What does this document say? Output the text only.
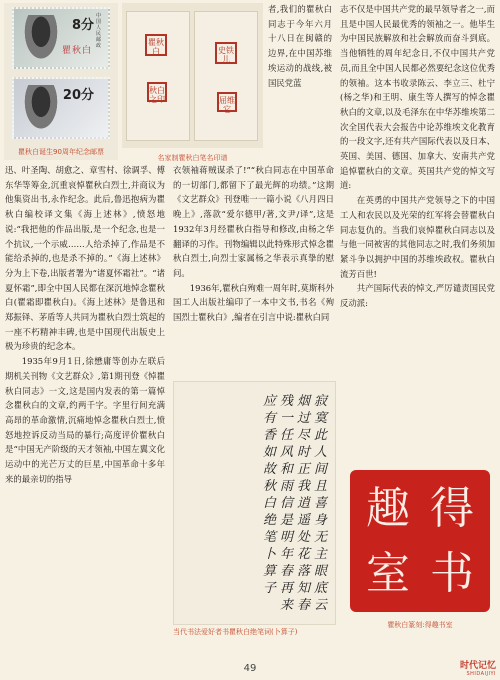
8分
中国人民邮政
瞿秋白
20分
瞿秋白诞生90周年纪念邮票
瞿秋白
秋白之印
史铁儿
屈维它
名家制瞿秋白笔名印谱

者,我们的瞿秋白同志于今年六月十八日在闽赣的边界,在中国苏维埃运动的战线,被国民党蓝

迅、叶圣陶、胡愈之、章雪村、徐调孚、傅东华等筹金,沉重哀悼瞿秋白烈士,并商议为他集资出书,永作纪念。此后,鲁迅抱病为瞿秋白编校译文集《海上述林》,愤怒地说:“我把他的作品出版,是一个纪念,也是一个抗议,一个示威……人给杀掉了,作品是不能给杀掉的,也是杀不掉的。”《海上述林》分为上下卷,出版者署为“诸夏怀霜社”。“诸夏怀霜”,即全中国人民都在深沉地悼念瞿秋白(瞿霜即瞿秋白)。《海上述林》是鲁迅和郑振铎、茅盾等人共同为瞿秋白烈士筑起的一座不朽精神丰碑,也是中国现代出版史上极为珍贵的纪念本。

1935年9月1日,徐懋庸等创办左联后期机关刊物《文艺群众》,第1期刊登《悼瞿秋白同志》一文,这是国内发表的第一篇悼念瞿秋白的文章,约两千字。字里行间充满高昂的革命激情,沉痛地悼念瞿秋白烈士,愤怒地控诉反动当局的暴行;高度评价瞿秋白是“中国无产阶级的天才领袖,中国左翼文化运动中的光芒万丈的巨星,中国革命十多年来的最亲切的指导

衣领袖蒋贼谋杀了!”“秋白同志在中国革命的一切部门,都留下了最光辉的功绩。”这期《文艺群众》刊登唯一一篇小说《八月四日晚上》,落款“爱尔德甲/著,文尹/译”,这是1932年3月经瞿秋白指导和修改,由杨之华翻译的习作。刊物编辑以此特殊形式悼念瞿秋白烈士,向烈士家属杨之华表示真挚的慰问。

1936年,瞿秋白殉难一周年时,莫斯科外国工人出版社编印了一本中文书,书名《殉国烈士瞿秋白》,编者在引言中说:瞿秋白同

寂
寞
此
人
间
且
喜
身
无
主
眼
底
云
烟
过
尽
时
正
我
逍
遥
处
花
落
知
春
残
一
任
风
和
雨
信
是
明
年
春
再
来
应
有
香
如
故
秋
白
绝
笔
卜
算
子
当代书法爱好者书瞿秋白绝笔词(卜算子)

志不仅是中国共产党的最早领导者之一,而且是中国人民最优秀的领袖之一。他毕生为中国民族解放和社会解放而奋斗到底。当他牺牲的周年纪念日,不仅中国共产党员,而且全中国人民都必然要纪念这位优秀的领袖。这本书收录陈云、李立三、杜宁(杨之华)和王明、康生等人撰写的悼念瞿秋白的文章,以及毛泽东在中华苏维埃第二次全国代表大会报告中论苏维埃文化教育的一段文字,还有共产国际代表以及日本、英国、美国、德国、加拿大、安南共产党追悼瞿秋白的文章。英国共产党的悼文写道:

在英勇的中国共产党领导之下的中国工人和农民以及光荣的红军将会替瞿秋白同志复仇的。当我们哀悼瞿秋白同志以及与他一同被害的其他同志之时,我们务须加紧斗争以拥护中国的苏维埃政权。瞿秋白流芳百世!

共产国际代表的悼文,严厉谴责国民党反动派:

趣 得
室 书
瞿秋白篆刻:得趣书室
49	时代记忆
SHIDAIJIYI
